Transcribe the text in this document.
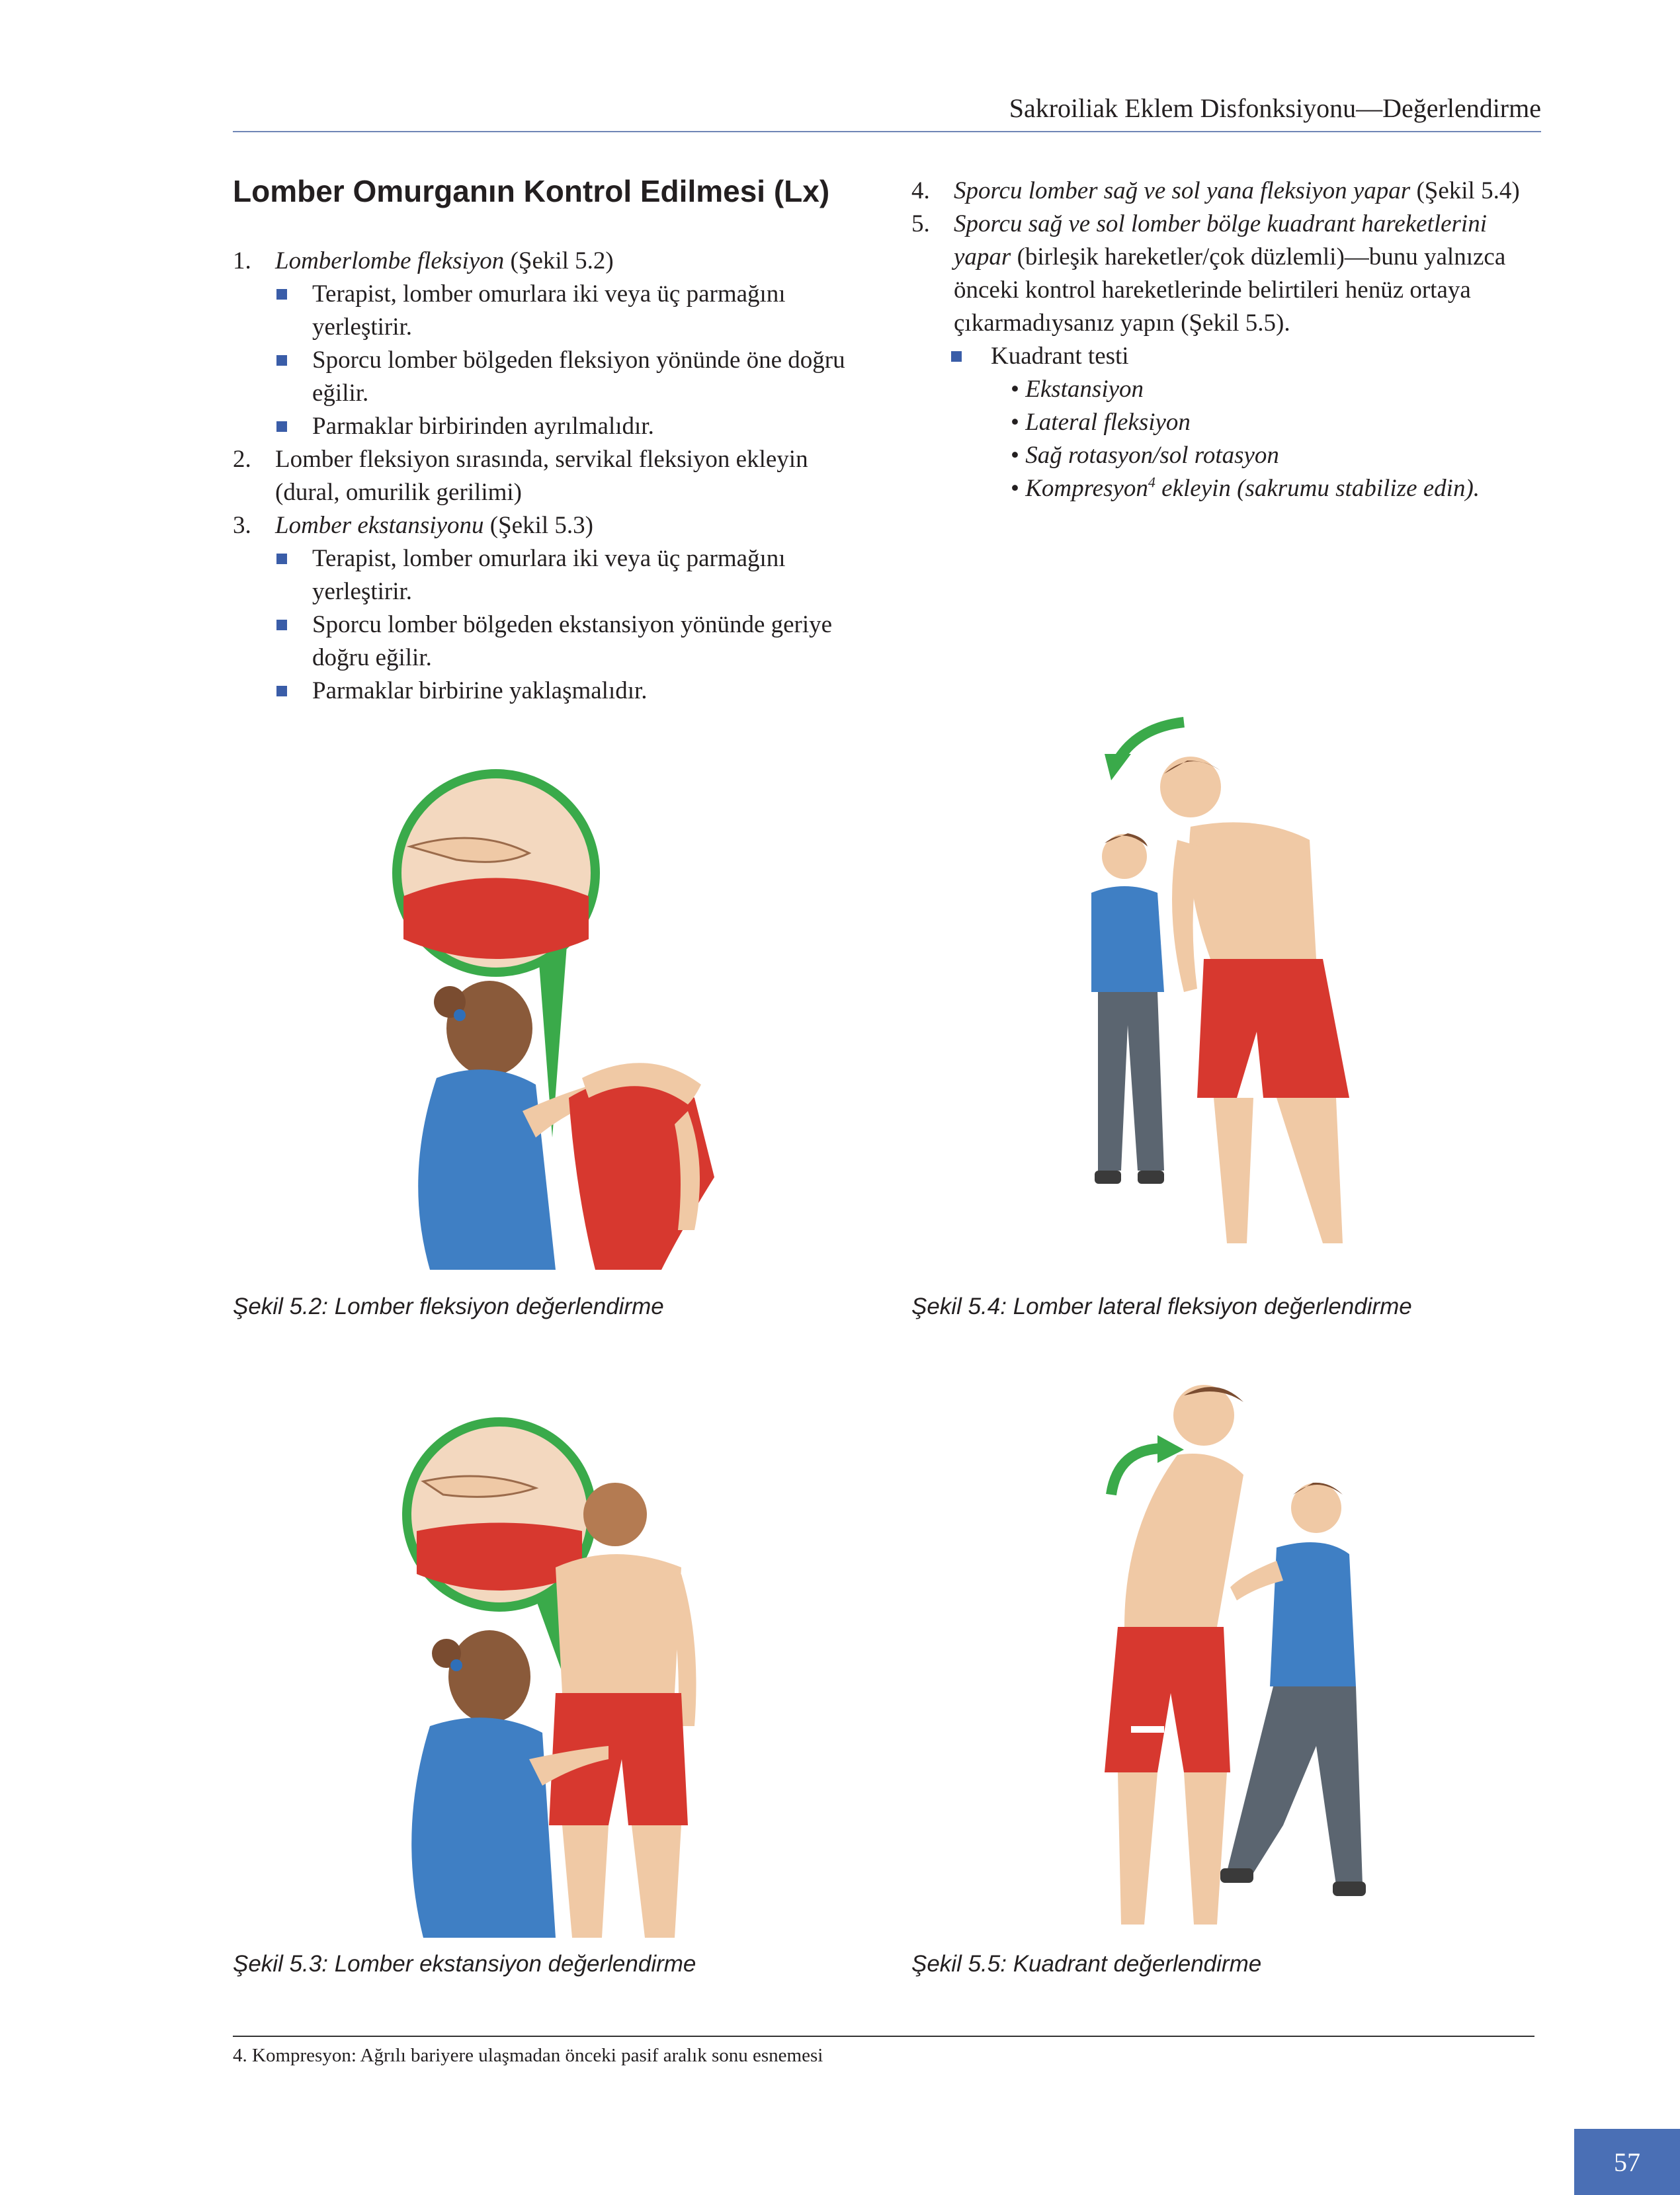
Sakroiliak Eklem Disfonksiyonu—Değerlendirme
Lomber Omurganın Kontrol Edilmesi (Lx)
1. Lomberlombe fleksiyon (Şekil 5.2)
Terapist, lomber omurlara iki veya üç parmağını yerleştirir.
Sporcu lomber bölgeden fleksiyon yönünde öne doğru eğilir.
Parmaklar birbirinden ayrılmalıdır.
2. Lomber fleksiyon sırasında, servikal fleksiyon ekleyin (dural, omurilik gerilimi)
3. Lomber ekstansiyonu (Şekil 5.3)
Terapist, lomber omurlara iki veya üç parmağını yerleştirir.
Sporcu lomber bölgeden ekstansiyon yönünde geriye doğru eğilir.
Parmaklar birbirine yaklaşmalıdır.
4. Sporcu lomber sağ ve sol yana fleksiyon yapar (Şekil 5.4)
5. Sporcu sağ ve sol lomber bölge kuadrant hareketlerini yapar (birleşik hareketler/çok düzlemli)—bunu yalnızca önceki kontrol hareketlerinde belirtileri henüz ortaya çıkarmadıysanız yapın (Şekil 5.5).
Kuadrant testi
• Ekstansiyon
• Lateral fleksiyon
• Sağ rotasyon/sol rotasyon
• Kompresyon$^4$ ekleyin (sakrumu stabilize edin).
Şekil 5.2: Lomber fleksiyon değerlendirme	Şekil 5.4: Lomber lateral fleksiyon değerlendirme
Şekil 5.3: Lomber ekstansiyon değerlendirme	Şekil 5.5: Kuadrant değerlendirme
4. Kompresyon: Ağrılı bariyere ulaşmadan önceki pasif aralık sonu esnemesi
57
